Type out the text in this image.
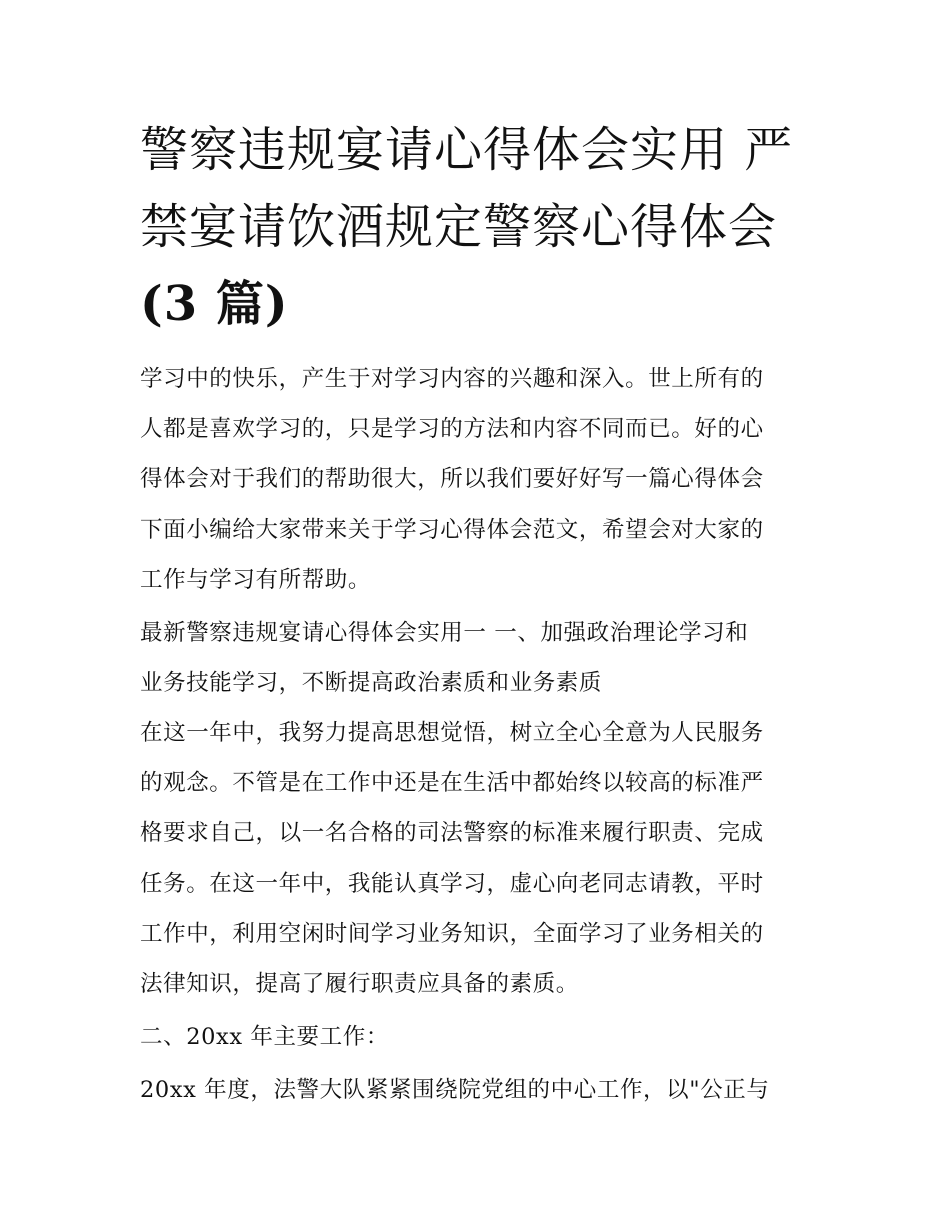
警察违规宴请心得体会实用 严
禁宴请饮酒规定警察心得体会
(3 篇)

学习中的快乐，产生于对学习内容的兴趣和深入。世上所有的

人都是喜欢学习的，只是学习的方法和内容不同而已。好的心

得体会对于我们的帮助很大，所以我们要好好写一篇心得体会

下面小编给大家带来关于学习心得体会范文，希望会对大家的

工作与学习有所帮助。

最新警察违规宴请心得体会实用一 一、加强政治理论学习和

业务技能学习，不断提高政治素质和业务素质

在这一年中，我努力提高思想觉悟，树立全心全意为人民服务

的观念。不管是在工作中还是在生活中都始终以较高的标准严

格要求自己，以一名合格的司法警察的标准来履行职责、完成

任务。在这一年中，我能认真学习，虚心向老同志请教，平时

工作中，利用空闲时间学习业务知识，全面学习了业务相关的

法律知识，提高了履行职责应具备的素质。

二、20xx 年主要工作：

20xx 年度，法警大队紧紧围绕院党组的中心工作，以"公正与
